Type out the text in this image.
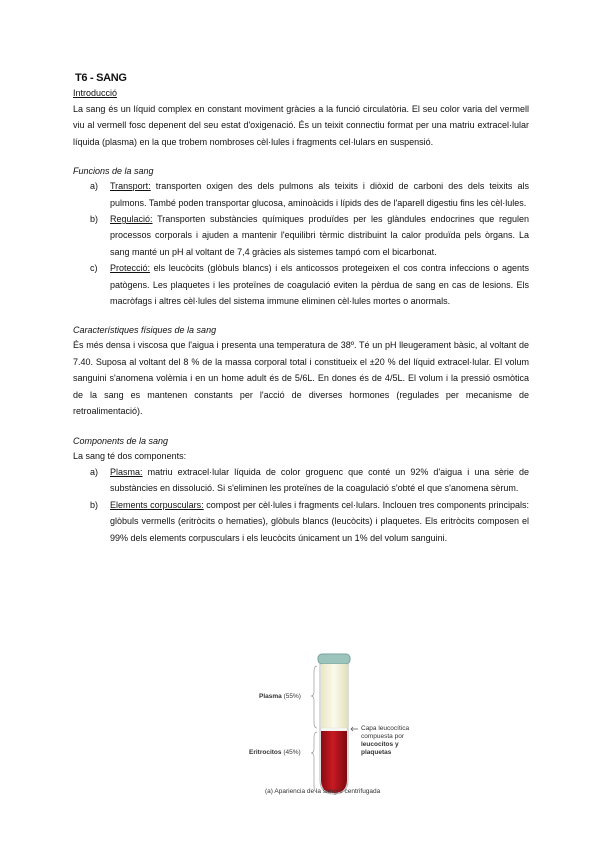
T6 - SANG
Introducció

La sang és un líquid complex en constant moviment gràcies a la funció circulatòria. El seu color varia del vermell viu al vermell fosc depenent del seu estat d'oxigenació. És un teixit connectiu format per una matriu extracel·lular líquida (plasma) en la que trobem nombroses cèl·lules i fragments cel·lulars en suspensió.

Funcions de la sang
a) Transport: transporten oxigen des dels pulmons als teixits i diòxid de carboni des dels teixits als pulmons. També poden transportar glucosa, aminoàcids i lípids des de l'aparell digestiu fins les cèl·lules.
b) Regulació: Transporten substàncies químiques produïdes per les glàndules endocrines que regulen processos corporals i ajuden a mantenir l'equilibri tèrmic distribuint la calor produïda pels òrgans. La sang manté un pH al voltant de 7,4 gràcies als sistemes tampó com el bicarbonat.
c) Protecció: els leucòcits (glòbuls blancs) i els anticossos protegeixen el cos contra infeccions o agents patògens. Les plaquetes i les proteïnes de coagulació eviten la pèrdua de sang en cas de lesions. Els macròfags i altres cèl·lules del sistema immune eliminen cèl·lules mortes o anormals.
Característiques físiques de la sang

És més densa i viscosa que l'aigua i presenta una temperatura de 38º. Té un pH lleugerament bàsic, al voltant de 7.40. Suposa al voltant del 8 % de la massa corporal total i constitueix el ±20 % del líquid extracel·lular. El volum sanguini s'anomena volèmia i en un home adult és de 5/6L. En dones és de 4/5L. El volum i la pressió osmòtica de la sang es mantenen constants per l'acció de diverses hormones (regulades per mecanisme de retroalimentació).

Components de la sang

La sang té dos components:

a) Plasma: matriu extracel·lular líquida de color groguenc que conté un 92% d'aigua i una sèrie de substàncies en dissolució. Si s'eliminen les proteïnes de la coagulació s'obté el que s'anomena sèrum.
b) Elements corpusculars: compost per cèl·lules i fragments cel·lulars. Inclouen tres components principals: glòbuls vermells (eritròcits o hematies), glòbuls blancs (leucòcits) i plaquetes. Els eritròcits composen el 99% dels elements corpusculars i els leucòcits únicament un 1% del volum sanguini.
Plasma (55%)
Capa leucocítica
compuesta por
leucocitos y
plaquetas
Eritrocitos (45%)
(a) Apariencia de la sangre centrifugada
